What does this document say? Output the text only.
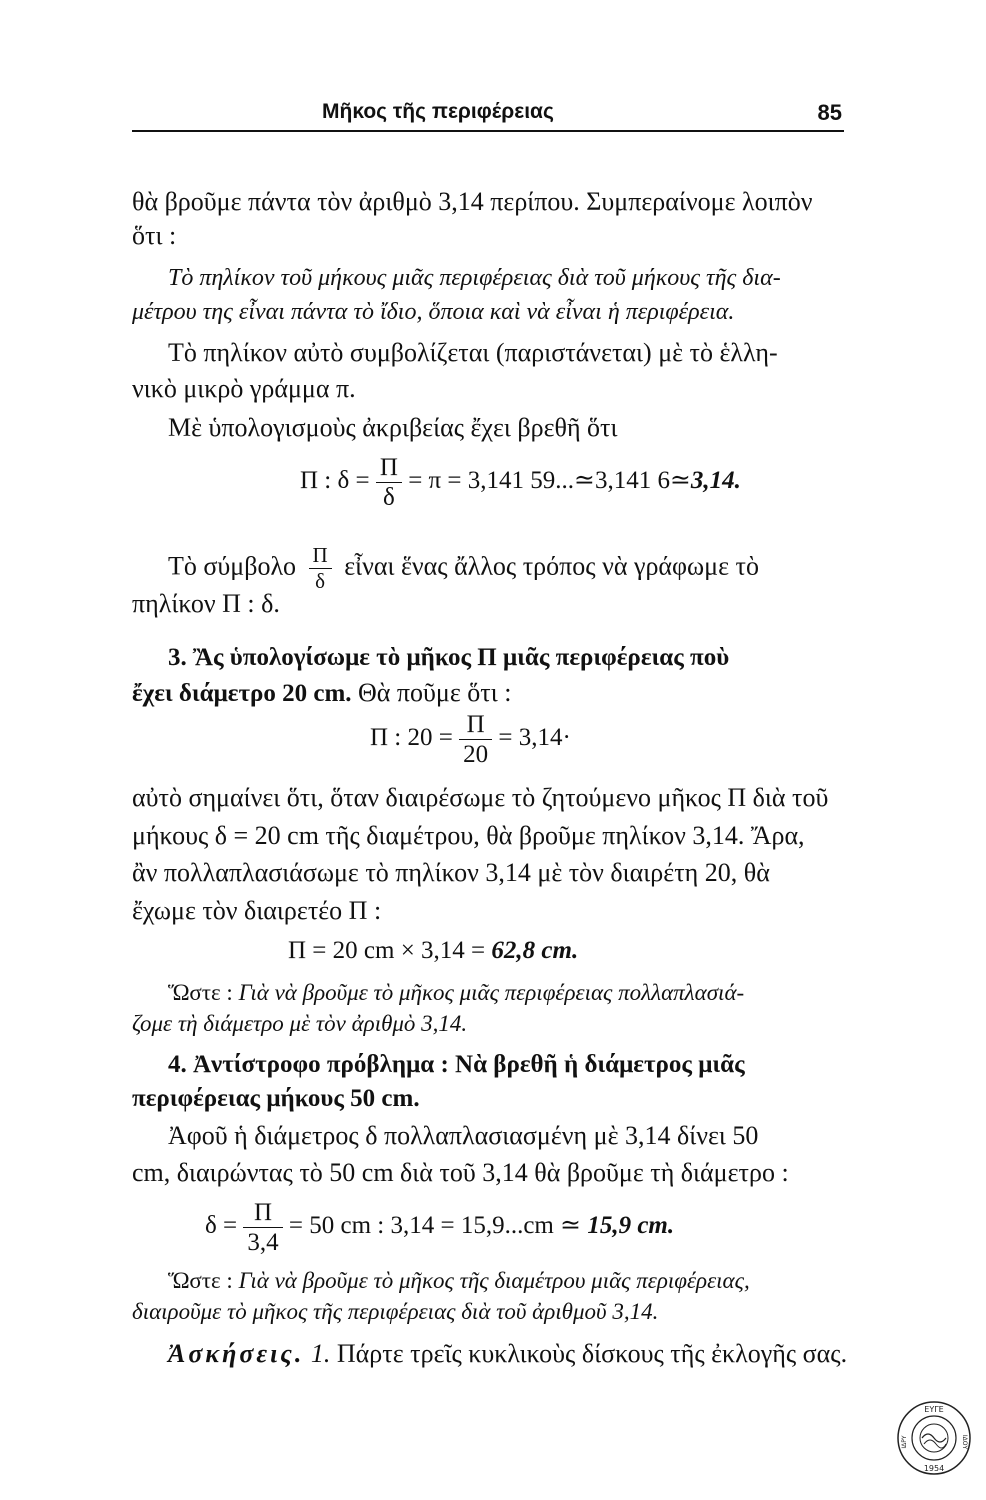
Μῆκος τῆς περιφέρειας	85
θὰ βροῦμε πάντα τὸν ἀριθμὸ 3,14 περίπου. Συμπεραίνομε λοιπὸν
ὅτι :
Τὸ πηλίκον τοῦ μήκους μιᾶς περιφέρειας διὰ τοῦ μήκους τῆς δια-
μέτρου της εἶναι πάντα τὸ ἴδιο, ὅποια καὶ νὰ εἶναι ἡ περιφέρεια.
Τὸ πηλίκον αὐτὸ συμβολίζεται (παριστάνεται) μὲ τὸ ἑλλη-
νικὸ μικρὸ γράμμα π.
Μὲ ὑπολογισμοὺς ἀκριβείας ἔχει βρεθῆ ὅτι
Π : $\delta = \frac{\Pi}{\delta} = \pi = 3,141$ 59...≃3,141 6≃3,14.
Τὸ σύμβολο $\frac{\Pi}{\delta}$ εἶναι ἕνας ἄλλος τρόπος νὰ γράφωμε τὸ
πηλίκον Π : δ.
3. Ἂς ὑπολογίσωμε τὸ μῆκος Π μιᾶς περιφέρειας ποὺ
ἔχει διάμετρο 20 cm. Θὰ ποῦμε ὅτι :
Π : $20 = \frac{\Pi}{20} = 3,14\cdot$
αὐτὸ σημαίνει ὅτι, ὅταν διαιρέσωμε τὸ ζητούμενο μῆκος Π διὰ τοῦ
μήκους δ = 20 cm τῆς διαμέτρου, θὰ βροῦμε πηλίκον 3,14. Ἄρα,
ἂν πολλαπλασιάσωμε τὸ πηλίκον 3,14 μὲ τὸν διαιρέτη 20, θὰ
ἔχωμε τὸν διαιρετέο Π :
Π = 20 cm × 3,14 = 62,8 cm.
Ὥστε : Γιὰ νὰ βροῦμε τὸ μῆκος μιᾶς περιφέρειας πολλαπλασιά-
ζομε τὴ διάμετρο μὲ τὸν ἀριθμὸ 3,14.
4. Ἀντίστροφο πρόβλημα : Νὰ βρεθῆ ἡ διάμετρος μιᾶς
περιφέρειας μήκους 50 cm.
Ἀφοῦ ἡ διάμετρος δ πολλαπλασιασμένη μὲ 3,14 δίνει 50
cm, διαιρώντας τὸ 50 cm διὰ τοῦ 3,14 θὰ βροῦμε τὴ διάμετρο :
$\delta = \frac{\Pi}{3,4} = 50$ cm : 3,14 = 15,9...cm ≃ 15,9 cm.
Ὥστε : Γιὰ νὰ βροῦμε τὸ μῆκος τῆς διαμέτρου μιᾶς περιφέρειας,
διαιροῦμε τὸ μῆκος τῆς περιφέρειας διὰ τοῦ ἀριθμοῦ 3,14.
Ἀσκήσεις. 1. Πάρτε τρεῖς κυκλικοὺς δίσκους τῆς ἐκλογῆς σας.
ΕΥΓΕ
ΙΔΡΥ	ΙΔΟΥ
1954
